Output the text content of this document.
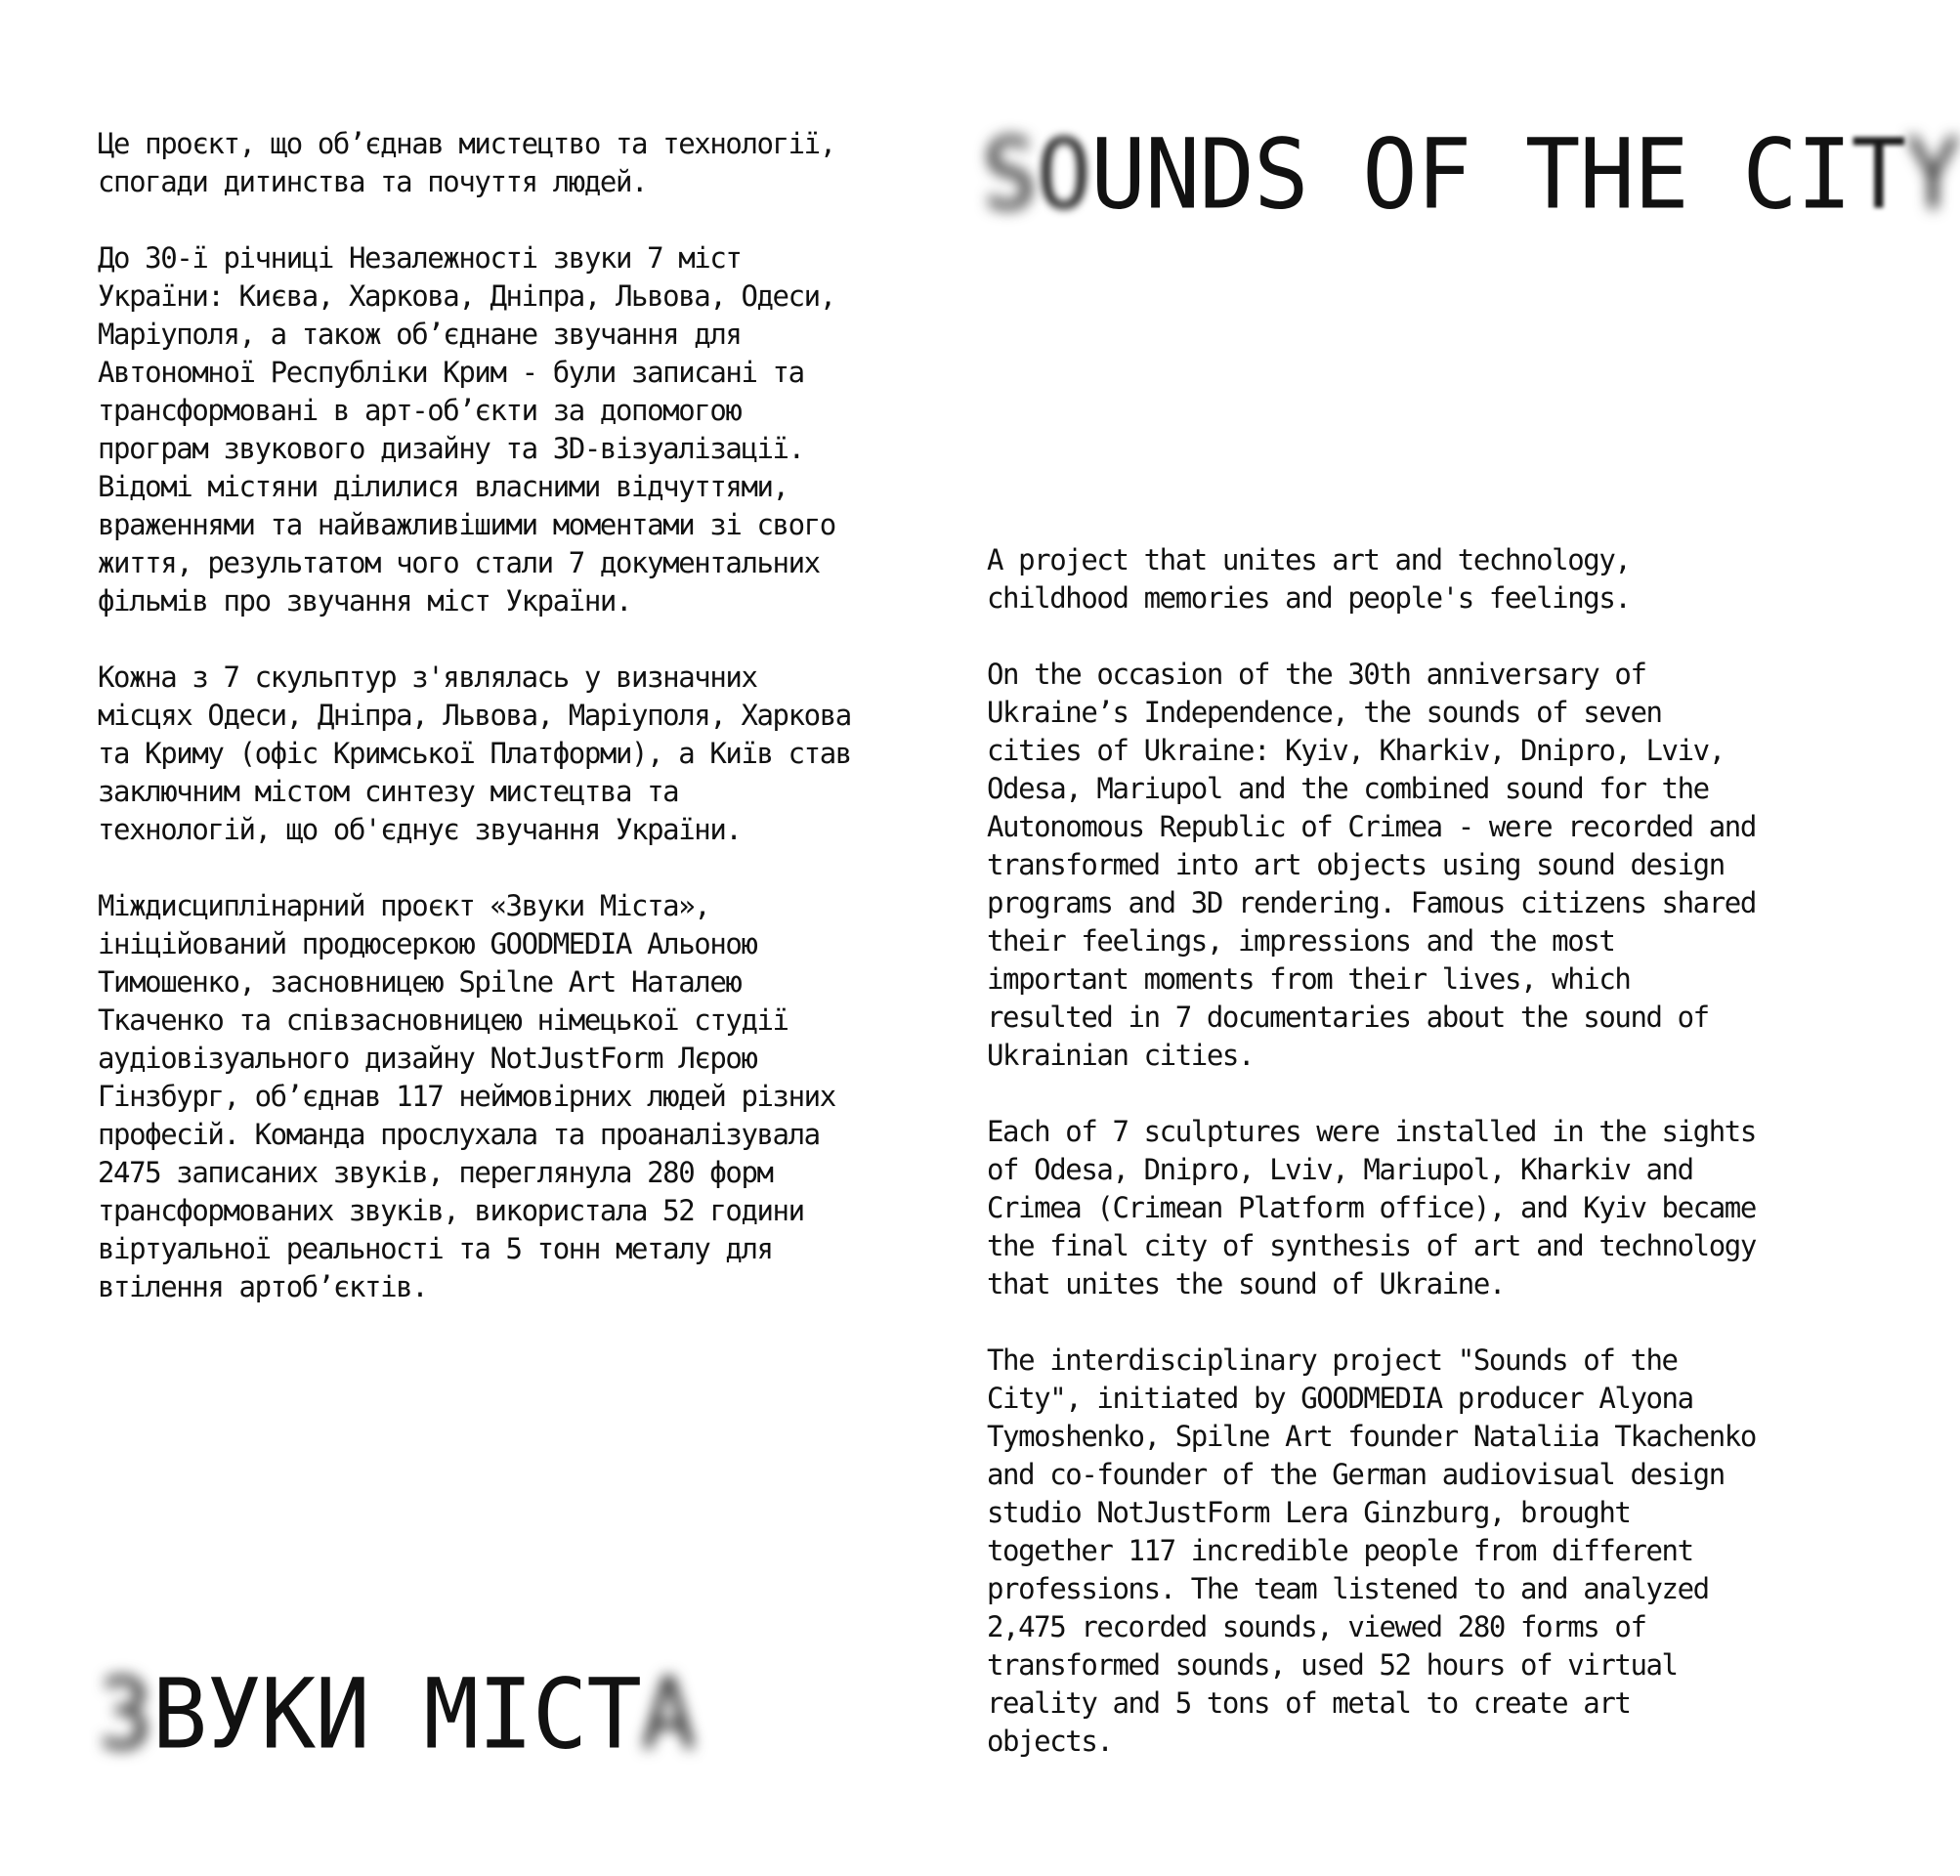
SOUNDS OF THE CITY

Це проєкт, що об’єднав мистецтво та технології,
спогади дитинства та почуття людей.

До 30-ї річниці Незалежності звуки 7 міст
України: Києва, Харкова, Дніпра, Львова, Одеси,
Маріуполя, а також об’єднане звучання для
Автономної Республіки Крим - були записані та
трансформовані в арт-об’єкти за допомогою
програм звукового дизайну та 3D-візуалізації.
Відомі містяни ділилися власними відчуттями,
враженнями та найважливішими моментами зі свого
життя, результатом чого стали 7 документальних
фільмів про звучання міст України.

Кожна з 7 скульптур з'являлась у визначних
місцях Одеси, Дніпра, Львова, Маріуполя, Харкова
та Криму (офіс Кримської Платформи), а Київ став
заключним містом синтезу мистецтва та
технологій, що об'єднує звучання України.

Міждисциплінарний проєкт «Звуки Міста»,
ініційований продюсеркою GOODMEDIA Альоною
Тимошенко, засновницею Spilne Art Наталею
Ткаченко та співзасновницею німецької студії
аудіовізуального дизайну NotJustForm Лєрою
Гінзбург, об’єднав 117 неймовірних людей різних
професій. Команда прослухала та проаналізувала
2475 записаних звуків, переглянула 280 форм
трансформованих звуків, використала 52 години
віртуальної реальності та 5 тонн металу для
втілення артоб’єктів.

A project that unites art and technology,
childhood memories and people's feelings.

On the occasion of the 30th anniversary of
Ukraine’s Independence, the sounds of seven
cities of Ukraine: Kyiv, Kharkiv, Dnipro, Lviv,
Odesa, Mariupol and the combined sound for the
Autonomous Republic of Crimea - were recorded and
transformed into art objects using sound design
programs and 3D rendering. Famous citizens shared
their feelings, impressions and the most
important moments from their lives, which
resulted in 7 documentaries about the sound of
Ukrainian cities.

Each of 7 sculptures were installed in the sights
of Odesa, Dnipro, Lviv, Mariupol, Kharkiv and
Crimea (Crimean Platform office), and Kyiv became
the final city of synthesis of art and technology
that unites the sound of Ukraine.

The interdisciplinary project "Sounds of the
City", initiated by GOODMEDIA producer Alyona
Tymoshenko, Spilne Art founder Nataliia Tkachenko
and co-founder of the German audiovisual design
studio NotJustForm Lera Ginzburg, brought
together 117 incredible people from different
professions. The team listened to and analyzed
2,475 recorded sounds, viewed 280 forms of
transformed sounds, used 52 hours of virtual
reality and 5 tons of metal to create art
objects.

ЗВУКИ МІСТА
